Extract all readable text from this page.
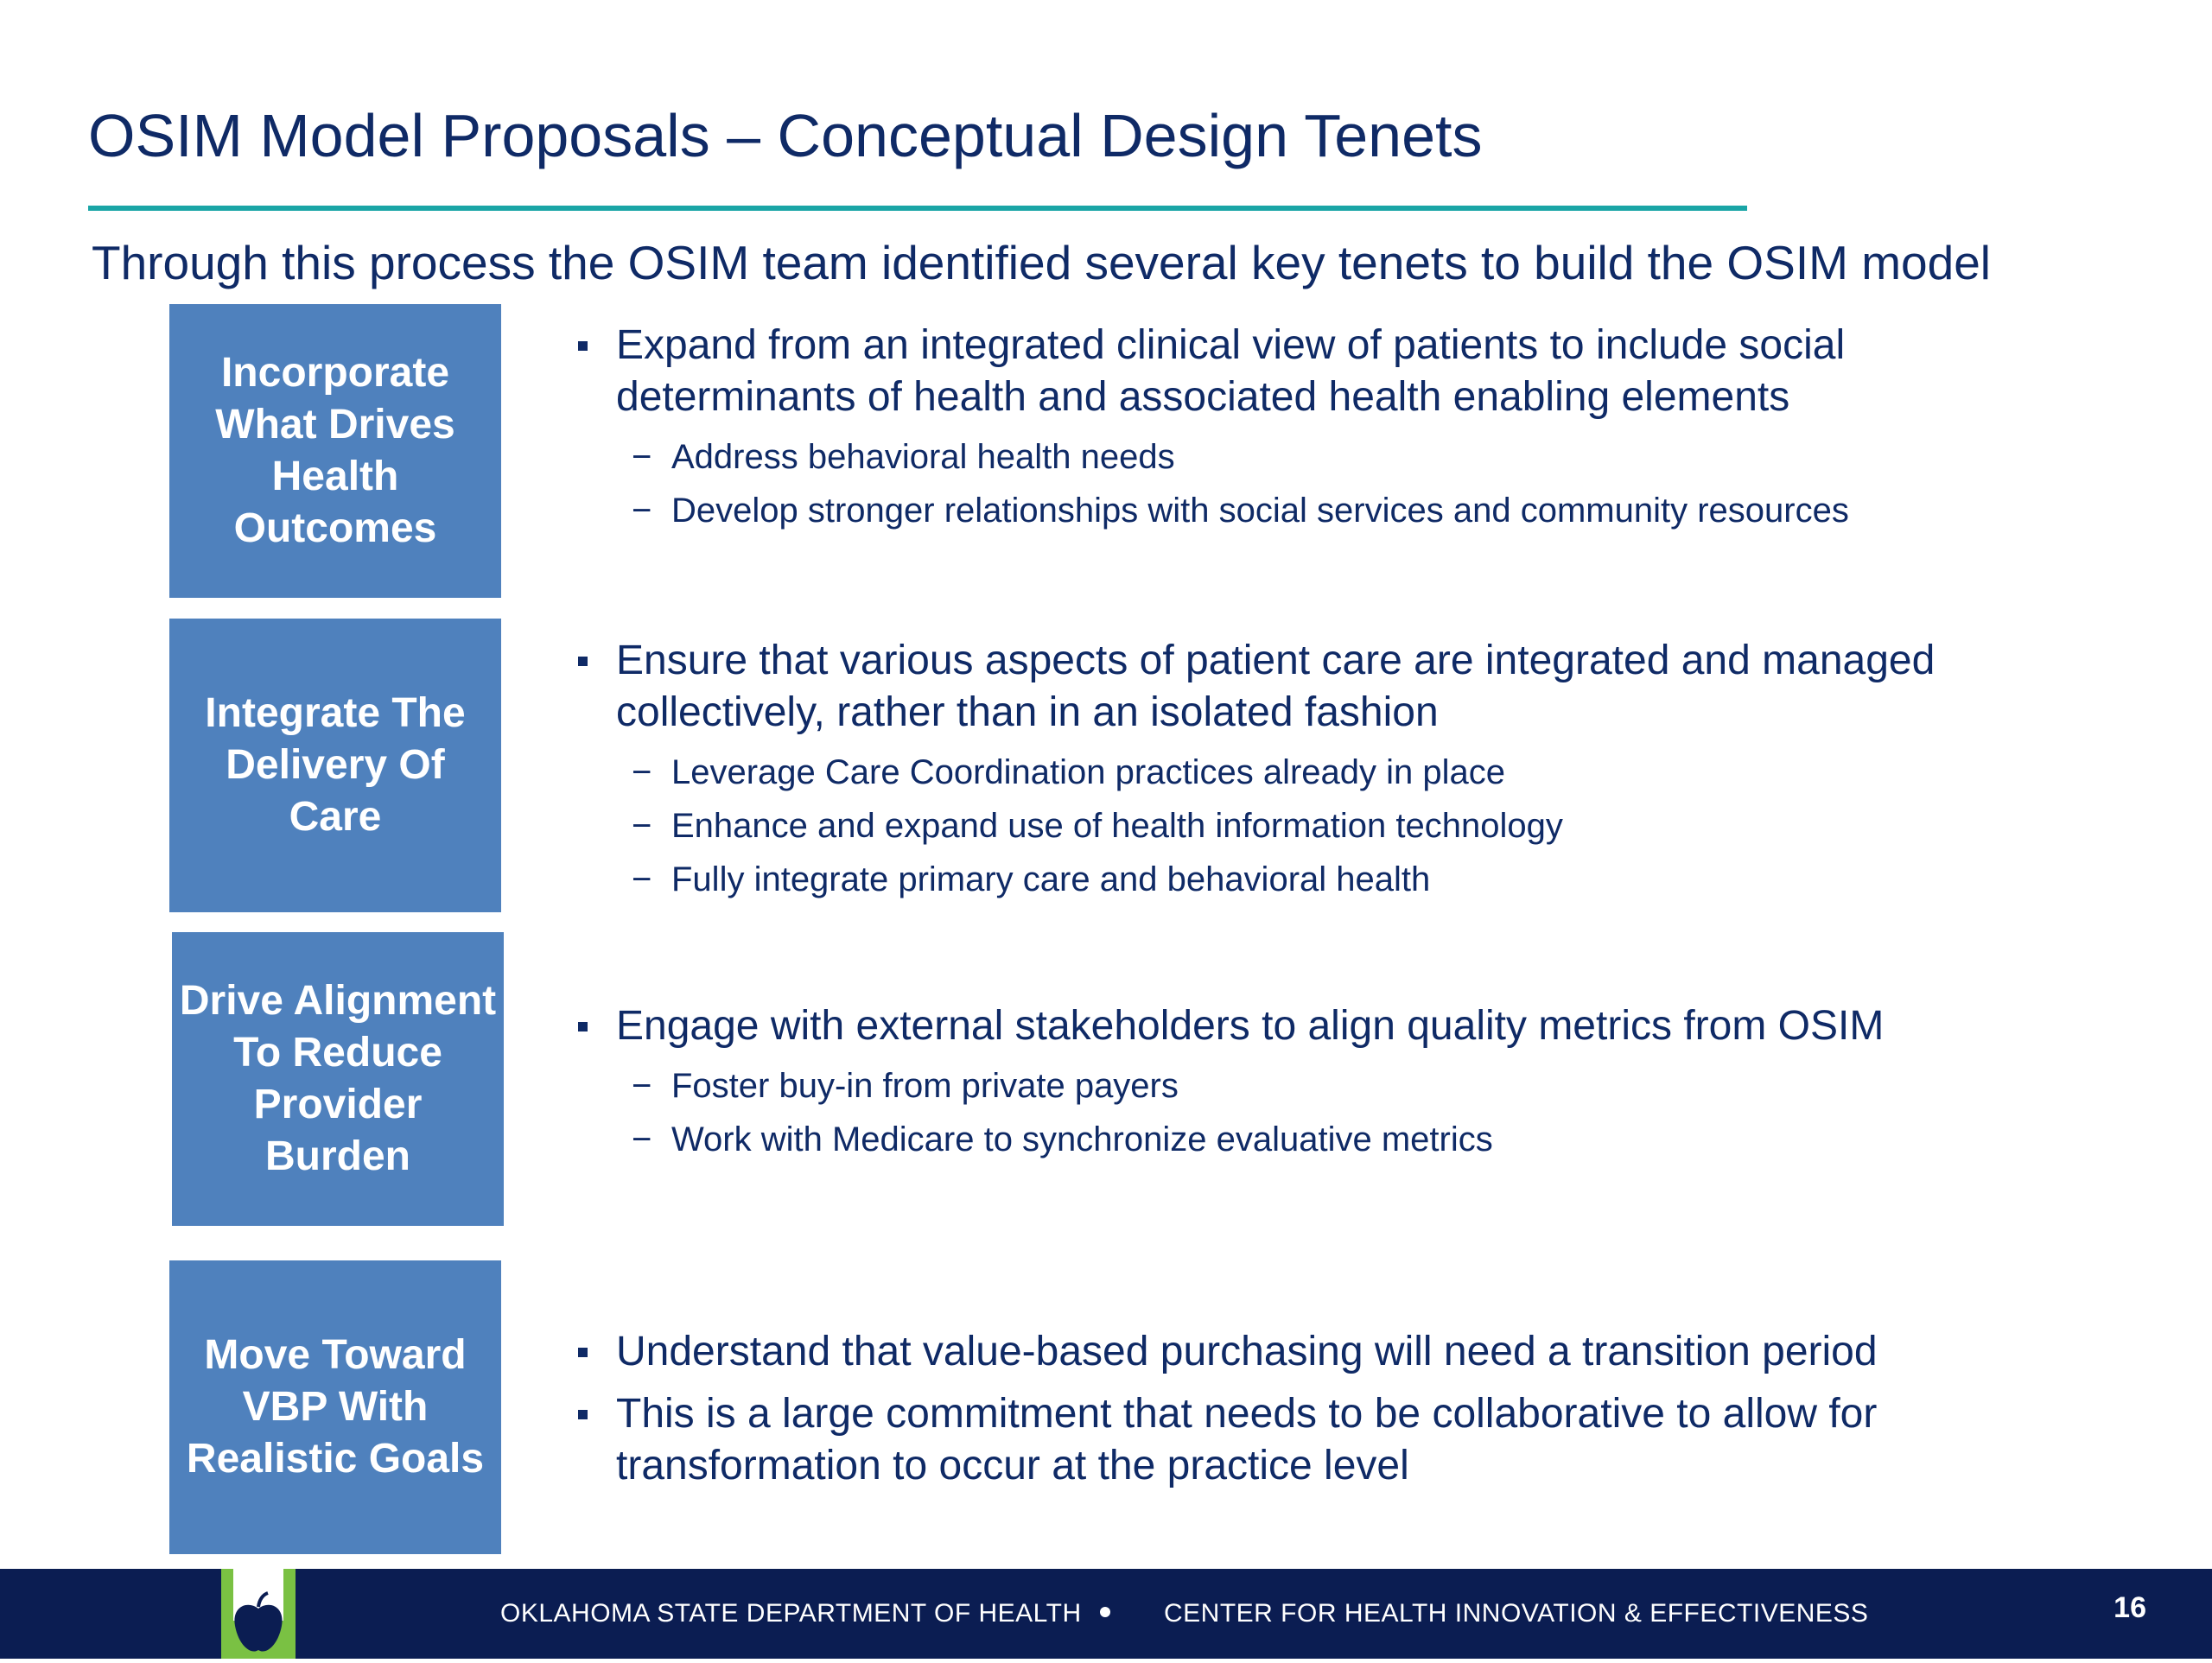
OSIM Model Proposals – Conceptual Design Tenets
Through this process the OSIM team identified several key tenets to build the OSIM model
Incorporate
What Drives
Health
Outcomes
Expand from an integrated clinical view of patients to include social determinants of health and associated health enabling elements
− Address behavioral health needs
− Develop stronger relationships with social services and community resources
Integrate The
Delivery Of
Care
Ensure that various aspects of patient care are integrated and managed collectively, rather than in an isolated fashion
− Leverage Care Coordination practices already in place
− Enhance and expand use of health information technology
− Fully integrate primary care and behavioral health
Drive Alignment
To Reduce
Provider
Burden
Engage with external stakeholders to align quality metrics from OSIM
− Foster buy-in from private payers
− Work with Medicare to synchronize evaluative metrics
Move Toward
VBP With
Realistic Goals
Understand that value-based purchasing will need a transition period
This is a large commitment that needs to be collaborative to allow for transformation to occur at the practice level
OKLAHOMA STATE DEPARTMENT OF HEALTH	CENTER FOR HEALTH INNOVATION & EFFECTIVENESS	16
